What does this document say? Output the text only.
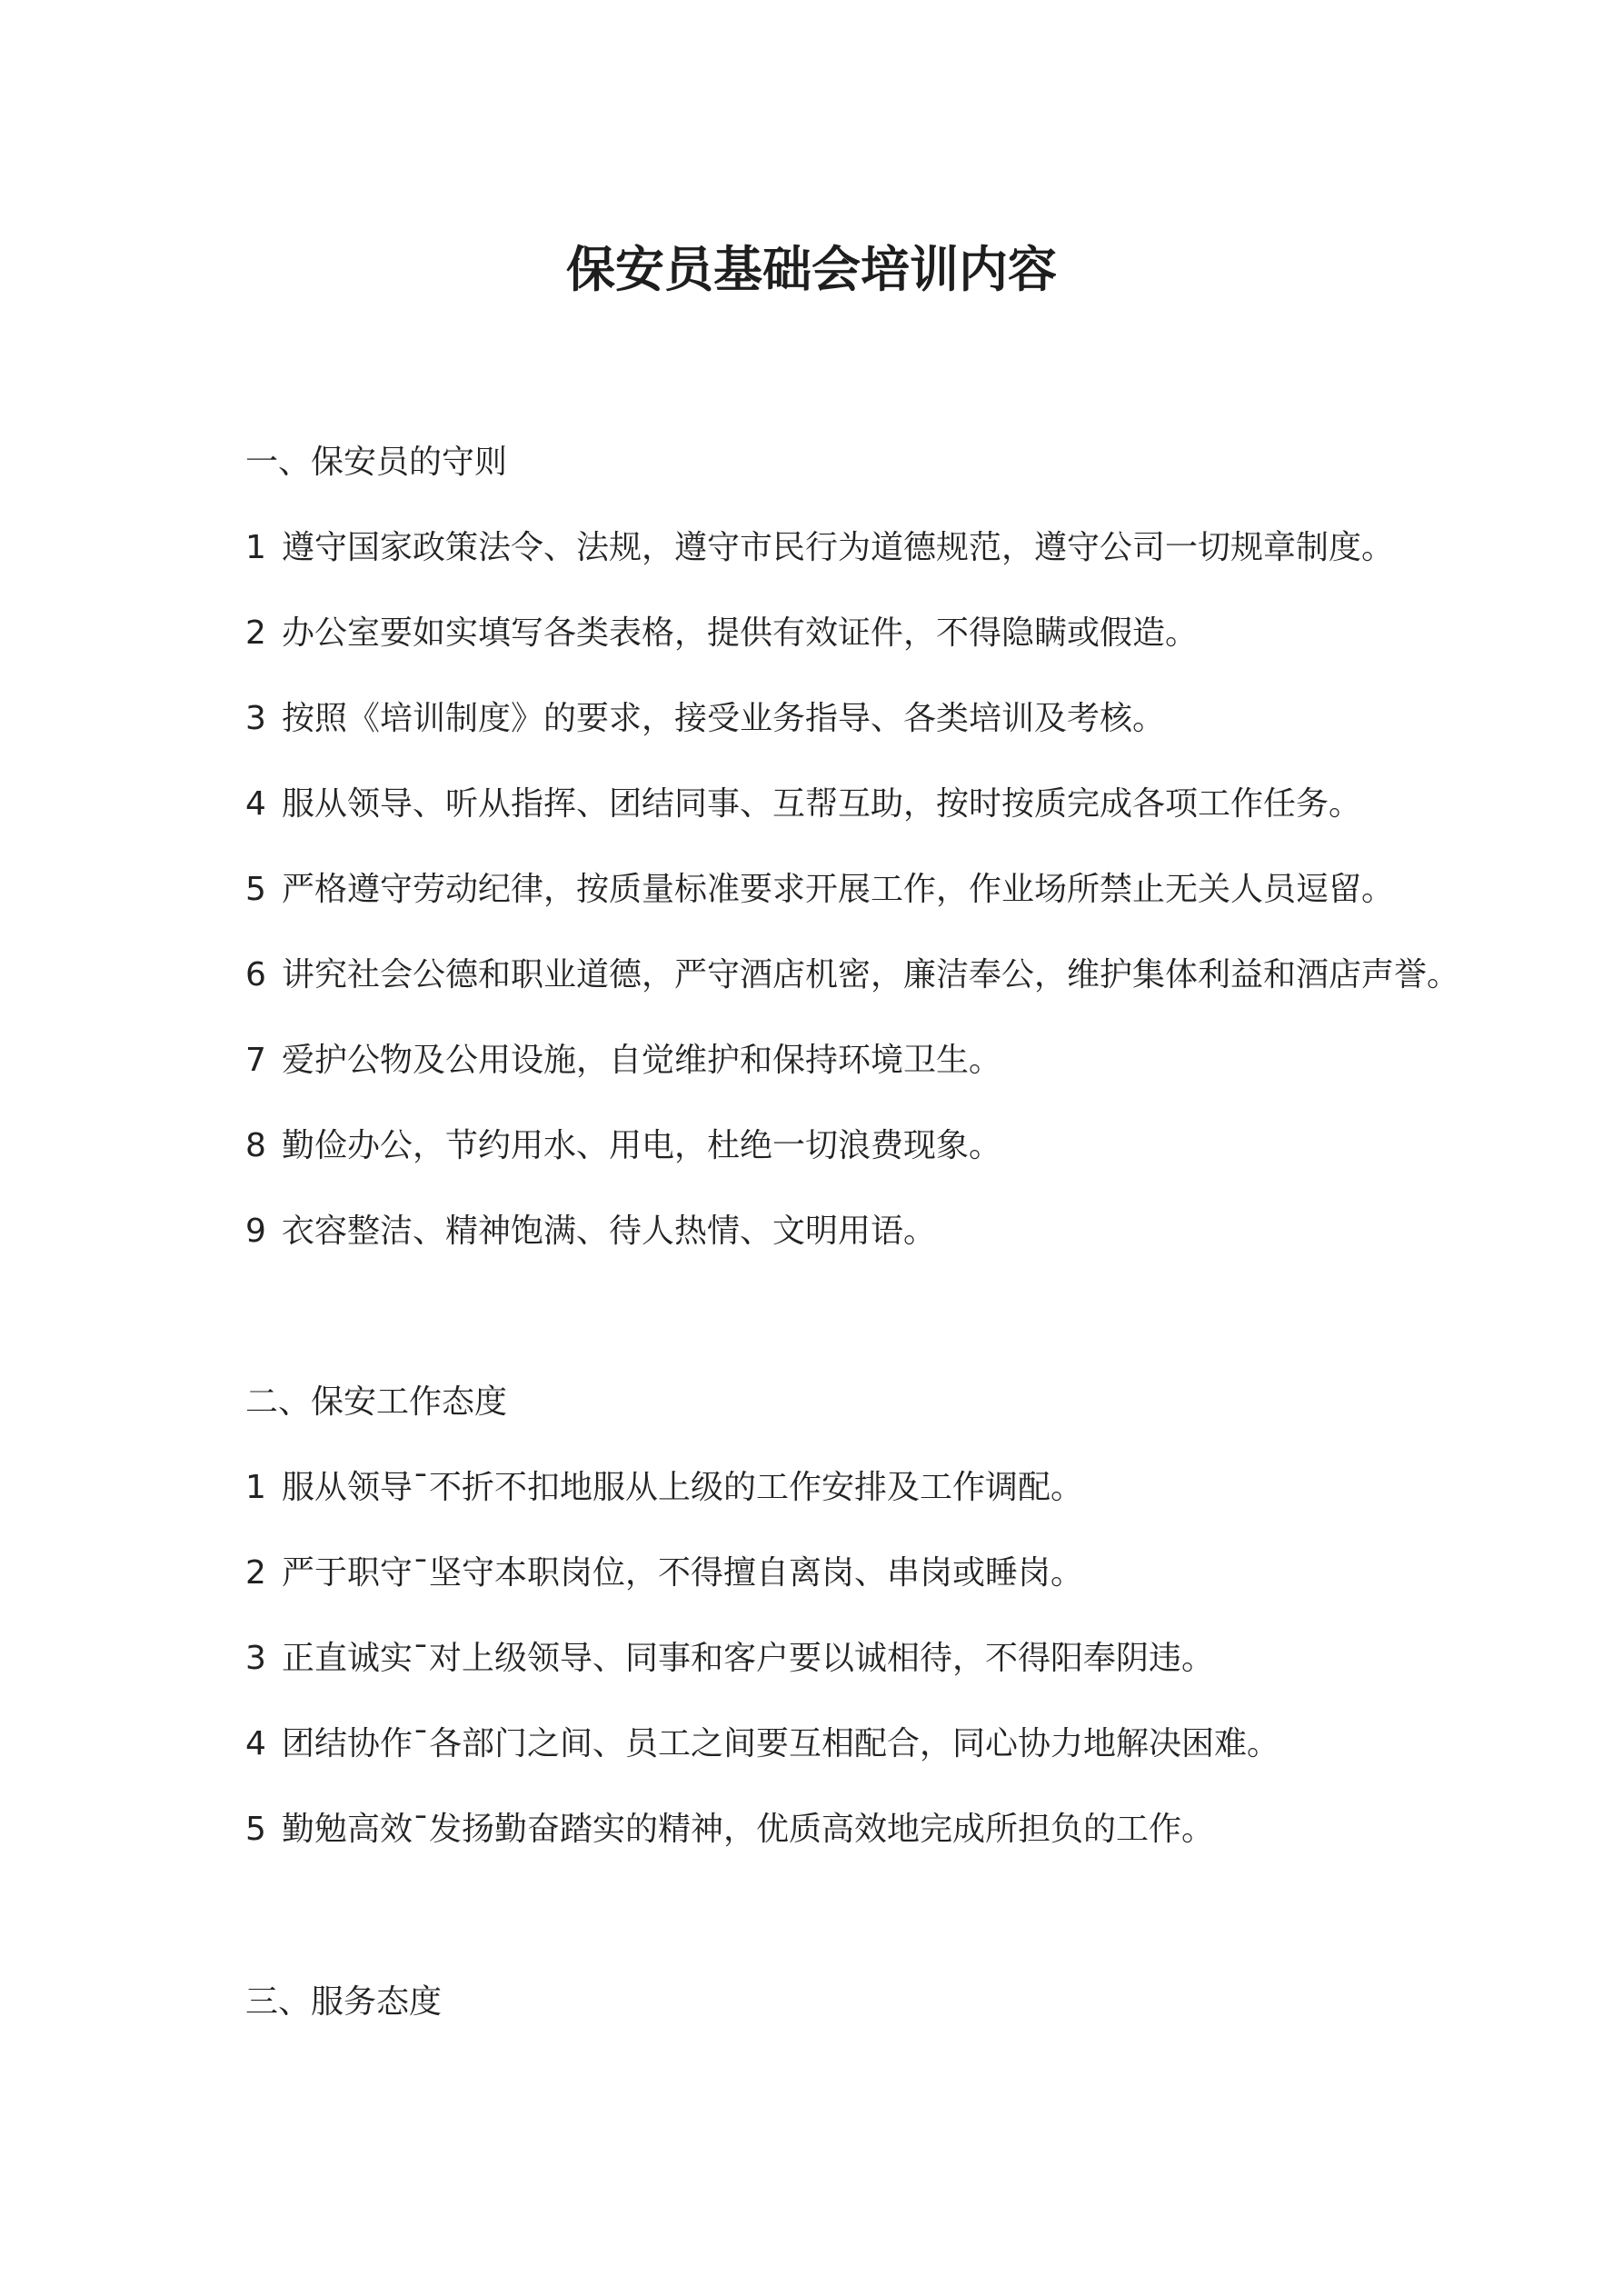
保安员基础会培训内容

一、保安员的守则

1 遵守国家政策法令、法规，遵守市民行为道德规范，遵守公司一切规章制度。

2 办公室要如实填写各类表格，提供有效证件，不得隐瞒或假造。

3 按照《培训制度》的要求，接受业务指导、各类培训及考核。

4 服从领导、听从指挥、团结同事、互帮互助，按时按质完成各项工作任务。

5 严格遵守劳动纪律，按质量标准要求开展工作，作业场所禁止无关人员逗留。

6 讲究社会公德和职业道德，严守酒店机密，廉洁奉公，维护集体利益和酒店声誉。

7 爱护公物及公用设施，自觉维护和保持环境卫生。

8 勤俭办公，节约用水、用电，杜绝一切浪费现象。

9 衣容整洁、精神饱满、待人热情、文明用语。

二、保安工作态度

1 服从领导¯不折不扣地服从上级的工作安排及工作调配。

2 严于职守¯坚守本职岗位，不得擅自离岗、串岗或睡岗。

3 正直诚实¯对上级领导、同事和客户要以诚相待，不得阳奉阴违。

4 团结协作¯各部门之间、员工之间要互相配合，同心协力地解决困难。

5 勤勉高效¯发扬勤奋踏实的精神，优质高效地完成所担负的工作。

三、服务态度
